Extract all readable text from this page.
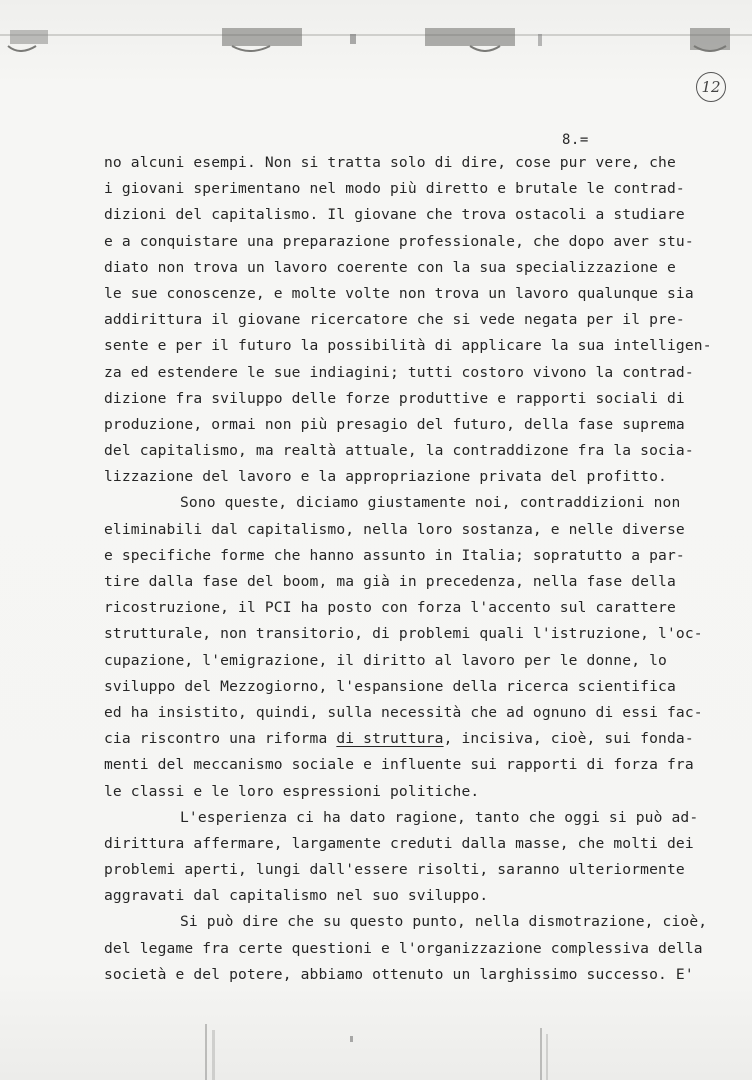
12
8.=
no alcuni esempi. Non si tratta solo di dire, cose pur vere, che
i giovani sperimentano nel modo più diretto e brutale le contrad-
dizioni del capitalismo. Il giovane che trova ostacoli a studiare
e a conquistare una preparazione professionale, che dopo aver stu-
diato non trova un lavoro coerente con la sua specializzazione e
le sue conoscenze, e molte volte non trova un lavoro qualunque sia
addirittura il giovane ricercatore che si vede negata per il pre-
sente e per il futuro la possibilità di applicare la sua intelligen-
za ed estendere le sue indiagini; tutti costoro vivono la contrad-
dizione fra sviluppo delle forze produttive e rapporti sociali di
produzione, ormai non più presagio del futuro, della fase suprema
del capitalismo, ma realtà attuale, la contraddizone fra la socia-
lizzazione del lavoro e la appropriazione privata del profitto.
Sono queste, diciamo giustamente noi, contraddizioni non
eliminabili dal capitalismo, nella loro sostanza, e nelle diverse
e specifiche forme che hanno assunto in Italia; sopratutto a par-
tire dalla fase del boom, ma già in precedenza, nella fase della
ricostruzione, il PCI ha posto con forza l'accento sul carattere
strutturale, non transitorio, di problemi quali l'istruzione, l'oc-
cupazione, l'emigrazione, il diritto al lavoro per le donne, lo
sviluppo del Mezzogiorno, l'espansione della ricerca scientifica
ed ha insistito, quindi, sulla necessità che ad ognuno di essi fac-
cia riscontro una riforma di struttura, incisiva, cioè, sui fonda-
menti del meccanismo sociale e influente sui rapporti di forza fra
le classi e le loro espressioni politiche.
L'esperienza ci ha dato ragione, tanto che oggi si può ad-
dirittura affermare, largamente creduti dalla masse, che molti dei
problemi aperti, lungi dall'essere risolti, saranno ulteriormente
aggravati dal capitalismo nel suo sviluppo.
Si può dire che su questo punto, nella dismotrazione, cioè,
del legame fra certe questioni e l'organizzazione complessiva della
società e del potere, abbiamo ottenuto un larghissimo successo. E'
